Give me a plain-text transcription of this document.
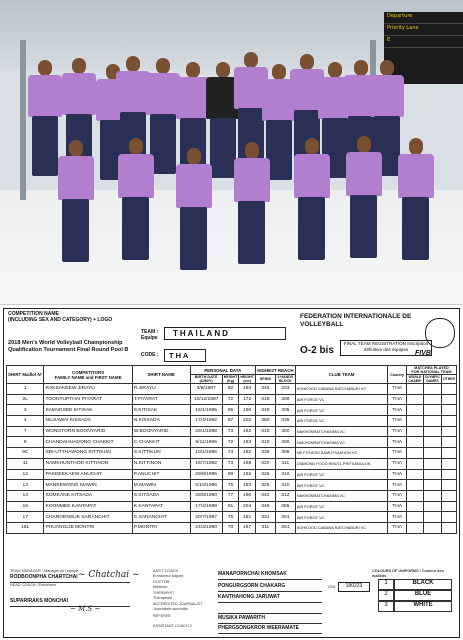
Departure
Priority Lane
E
COMPETITION NAME
(INCLUDING SEX AND CATEGORY) + LOGO
2018 Men's World Volleyball Championship
Qualification Tournament Final Round Pool B
TEAM :
Equipe THAILAND
CODE : T H A
FEDERATION INTERNATIONALE DE
VOLLEYBALL
FIVB
O-2 bis
FINAL TEAM REGISTRATION Inscription définitive des équipes
SHIRT Maillot N°	COMPETITORS
FAMILY NAME and FIRST NAME	SHIRT NAME	PERSONAL DATA			HIGHEST REACH		CLUB TEAM	Country	MATCHES PLAYED
FOR NATIONAL TEAM		
			BIRTH DATE
(D/M/Y)	HEIGHT
(Kg)	HEIGHT
(cm)	SPIKE	2 HANDS BLOCK			WORLD
CHAMP.	OLYMPIC
GAMES	OTHER
1	RAKSAKEEW JIRAYU	R.JIRAYU	3/8/1987	82	194	345	333	KOHKOOD CABANA RATCHABURI VC	THA			
2L	TOONTUPTHAI PIYARAT	T.PIYARAT	10/12/1987	72	172	316	309	AIR FORCE VC	THA			
3	SAENGSEE KITISAK	S.KITISAK	16/1/1995	85	190	340	305	AIR FORCE VC	THA			
4	NILSAWAI KISSADA	N.KISSADA	17/4/1992	87	202	350	335	AIR FORCE VC	THA			
7	WONGTORN BOONYARID	W.BOONYARID	29/1/1998	73	182	310	300	NAKHONRATCHASIMA VC	THA			
8	CHANDAHUADONG CHAKKIT	C.CHAKKIT	5/11/1996	72	183	310	300	NAKHONRATCHASIMA VC	THA			
9C	SRI-UTTHAWONG KITTIKUN	S.KITTIKUN	10/1/1986	74	192	338	306	NK FITNESS SAMUTSAKHON VC	THA			
11	NAMKHUNTHOD KITTINON	N.KITTINON	16/7/1992	73	188	320	311	DIAMOND FOOD RMUTL PHITSANULOK	THA			
12	PAKDEEKAEW ANUCHIT	P.ANUCHIT	29/9/1996	90	192	325	310	AIR FORCE VC	THA			
13	MANEEWONG MAWIN	M.MAWIN	5/10/1996	75	193	325	310	AIR FORCE VC	THA			
14	SOMKANE KITSADA	S.KITSADA	28/9/1990	77	190	342	312	NAKHONRATCHASIMA VC	THA			
16	KOONMEE KANTAPAT	K.KANTAPAT	17/4/1998	81	204	345	355	AIR FORCE VC	THA			
17	CHAROENSUK SARANCHIT	C.SARANCHIT	20/7/1987	75	181	331	301	AIR FORCE VC	THA			
18L	PHUANGLIB MONTRI	P.MONTRI	24/3/1990	70	167	311	281	KOHKOOD CABANA RATCHABURI VC	THA			
TEAM MANAGER / Manager de l'équipe
RODBOONPHA CHARTCHAI ~ Chatchai ~
HEAD COACH / Entraîneur
SUPARIRAKS MONCHAI
~ M.S ~
ASS'T COACH
Entraîneur adjoint
DOCTOR
Médecin
THERAPIST
Thérapeute
ACCREDITED JOURNALIST
Journaliste accrédité
REFEREE
ASSISTANT-COACH 2
MANAPORNCHAI KHOMSAK
PONGURGSORN CHAKARG
KANTHAHONG JARUWAT
MUSIKA PAWARITH
PHERGSONGKROR WEERAMATE
ONL	180223
COLOURS OF UNIFORMS / Couleur des maillots
1	BLACK
2	BLUE
3	WHITE
